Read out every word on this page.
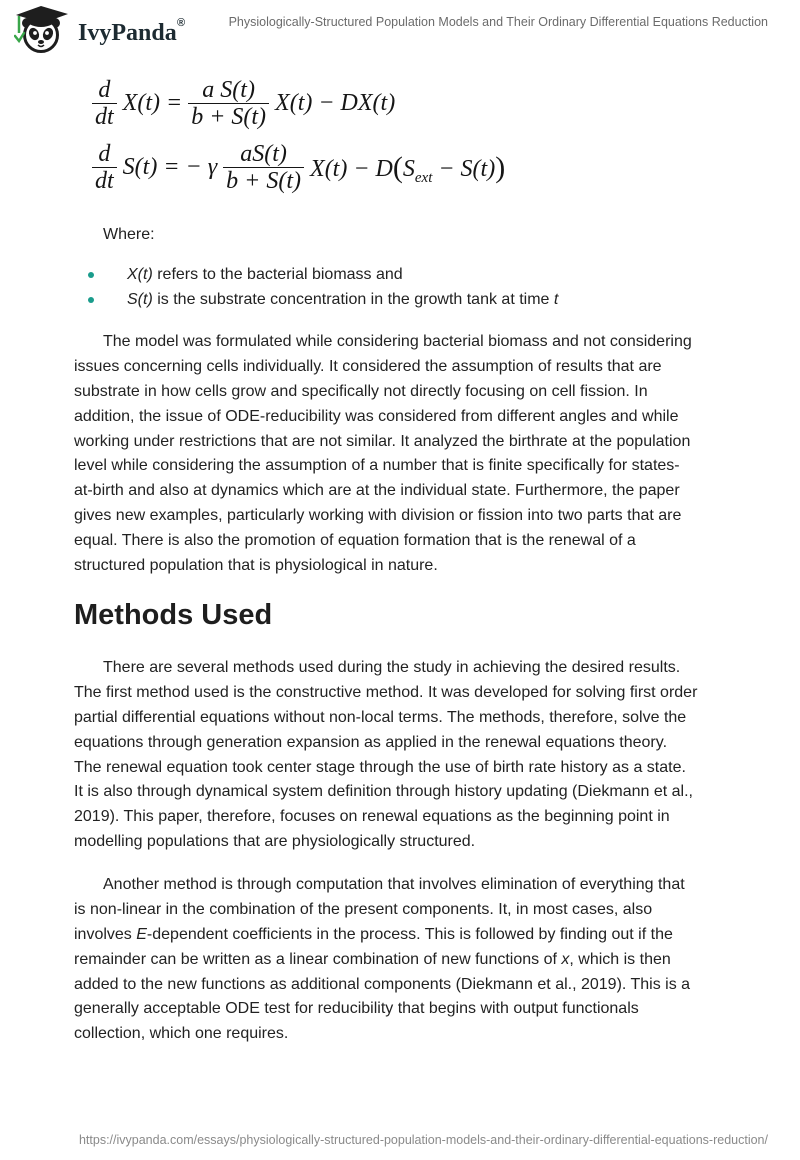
IvyPanda ®	Physiologically-Structured Population Models and Their Ordinary Differential Equations Reduction
$\frac{d}{dt} X(t) = \frac{\text{a S(t)}}{b + S(t)} X(t) - DX(t)$
$\frac{d}{dt} S(t)$ = − γ $\frac{aS(t)}{b + S(t)} X(t) - D(S_{ext} - S(t))$
Where:
X(t) refers to the bacterial biomass and
S(t) is the substrate concentration in the growth tank at time t
The model was formulated while considering bacterial biomass and not considering
issues concerning cells individually. It considered the assumption of results that are
substrate in how cells grow and specifically not directly focusing on cell fission. In
addition, the issue of ODE-reducibility was considered from different angles and while
working under restrictions that are not similar. It analyzed the birthrate at the population
level while considering the assumption of a number that is finite specifically for states-
at-birth and also at dynamics which are at the individual state. Furthermore, the paper
gives new examples, particularly working with division or fission into two parts that are
equal. There is also the promotion of equation formation that is the renewal of a
structured population that is physiological in nature.
Methods Used
There are several methods used during the study in achieving the desired results.
The first method used is the constructive method. It was developed for solving first order
partial differential equations without non-local terms. The methods, therefore, solve the
equations through generation expansion as applied in the renewal equations theory.
The renewal equation took center stage through the use of birth rate history as a state.
It is also through dynamical system definition through history updating (Diekmann et al.,
2019). This paper, therefore, focuses on renewal equations as the beginning point in
modelling populations that are physiologically structured.
Another method is through computation that involves elimination of everything that
is non-linear in the combination of the present components. It, in most cases, also
involves E-dependent coefficients in the process. This is followed by finding out if the
remainder can be written as a linear combination of new functions of x, which is then
added to the new functions as additional components (Diekmann et al., 2019). This is a
generally acceptable ODE test for reducibility that begins with output functionals
collection, which one requires.
https://ivypanda.com/essays/physiologically-structured-population-models-and-their-ordinary-differential-equations-reduction/
